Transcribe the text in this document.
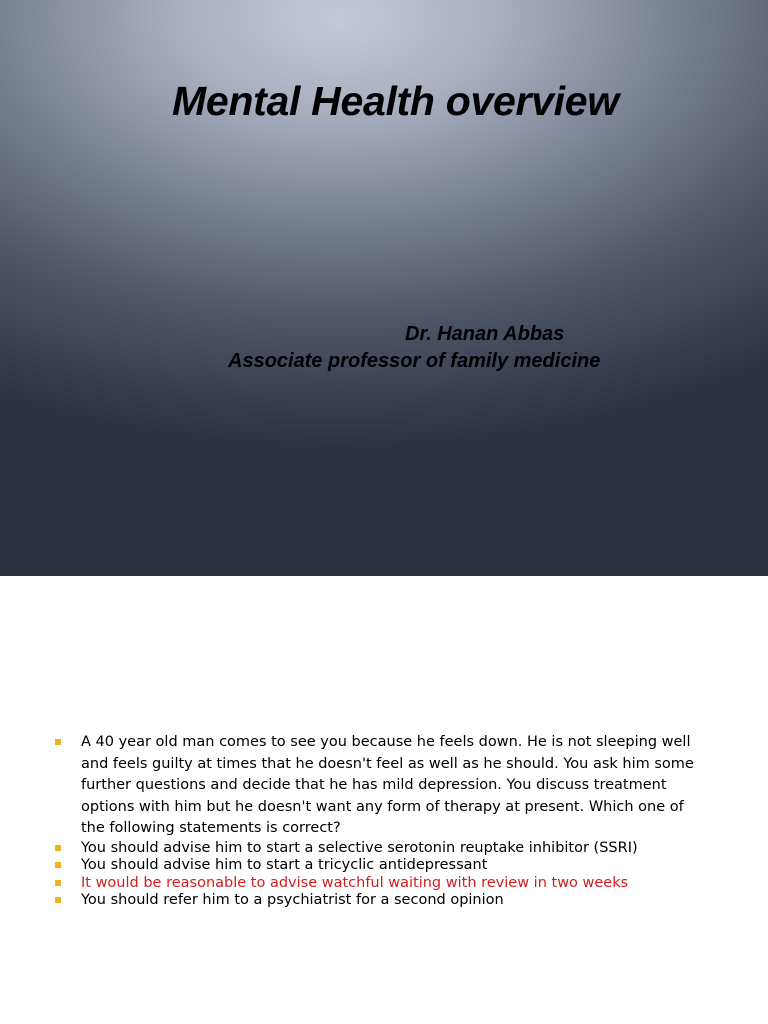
Mental Health overview
Dr. Hanan Abbas
Associate professor of family medicine
A 40 year old man comes to see you because he feels down. He is not sleeping well and feels guilty at times that he doesn't feel as well as he should. You ask him some further questions and decide that he has mild depression. You discuss treatment options with him but he doesn't want any form of therapy at present. Which one of the following statements is correct?
You should advise him to start a selective serotonin reuptake inhibitor (SSRI)
You should advise him to start a tricyclic antidepressant
It would be reasonable to advise watchful waiting with review in two weeks
You should refer him to a psychiatrist for a second opinion
